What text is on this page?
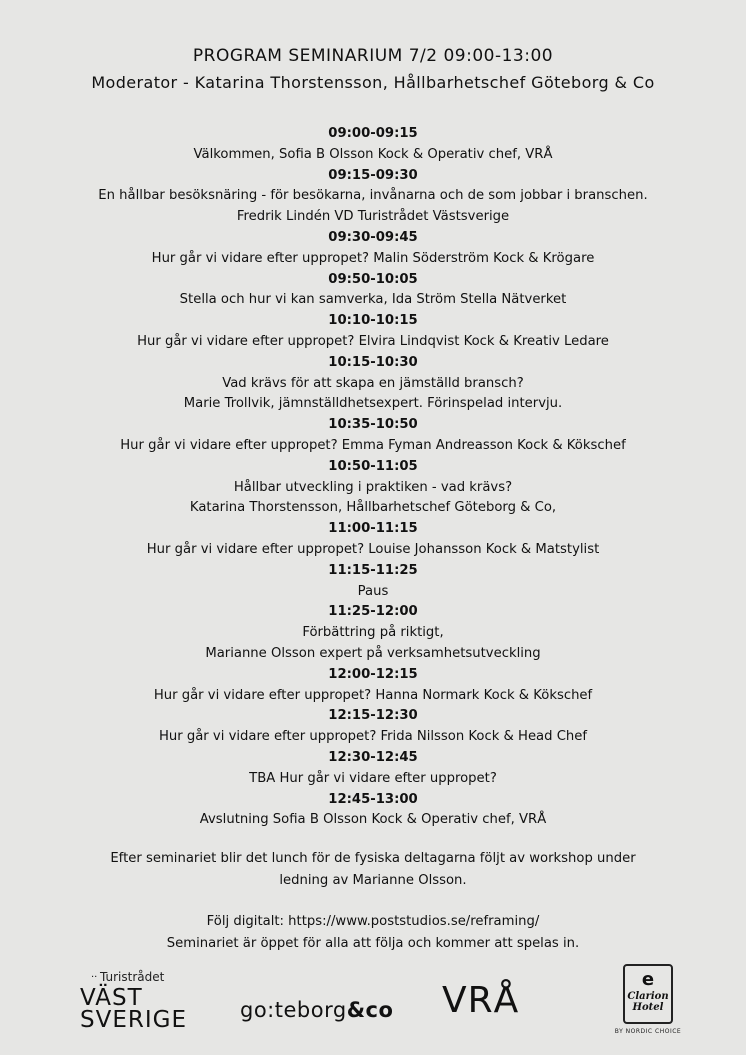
PROGRAM SEMINARIUM 7/2 09:00-13:00
Moderator - Katarina Thorstensson, Hållbarhetschef Göteborg & Co
09:00-09:15
Välkommen, Sofia B Olsson Kock & Operativ chef, VRÅ
09:15-09:30
En hållbar besöksnäring - för besökarna, invånarna och de som jobbar i branschen.
Fredrik Lindén VD Turistrådet Västsverige
09:30-09:45
Hur går vi vidare efter uppropet? Malin Söderström Kock & Krögare
09:50-10:05
Stella och hur vi kan samverka, Ida Ström Stella Nätverket
10:10-10:15
Hur går vi vidare efter uppropet? Elvira Lindqvist Kock & Kreativ Ledare
10:15-10:30
Vad krävs för att skapa en jämställd bransch?
Marie Trollvik, jämnställdhetsexpert. Förinspelad intervju.
10:35-10:50
Hur går vi vidare efter uppropet? Emma Fyman Andreasson Kock & Kökschef
10:50-11:05
Hållbar utveckling i praktiken - vad krävs?
Katarina Thorstensson, Hållbarhetschef Göteborg & Co,
11:00-11:15
Hur går vi vidare efter uppropet? Louise Johansson Kock & Matstylist
11:15-11:25
Paus
11:25-12:00
Förbättring på riktigt,
Marianne Olsson expert på verksamhetsutveckling
12:00-12:15
Hur går vi vidare efter uppropet? Hanna Normark Kock & Kökschef
12:15-12:30
Hur går vi vidare efter uppropet? Frida Nilsson Kock & Head Chef
12:30-12:45
TBA Hur går vi vidare efter uppropet?
12:45-13:00
Avslutning Sofia B Olsson Kock & Operativ chef, VRÅ
Efter seminariet blir det lunch för de fysiska deltagarna följt av workshop under
ledning av Marianne Olsson.
Följ digitalt: https://www.poststudios.se/reframing/
Seminariet är öppet för alla att följa och kommer att spelas in.
·· Turistrådet
VÄST
SVERIGE	go:teborg&co VRÅ
e
Clarion Hotel
BY NORDIC CHOICE
